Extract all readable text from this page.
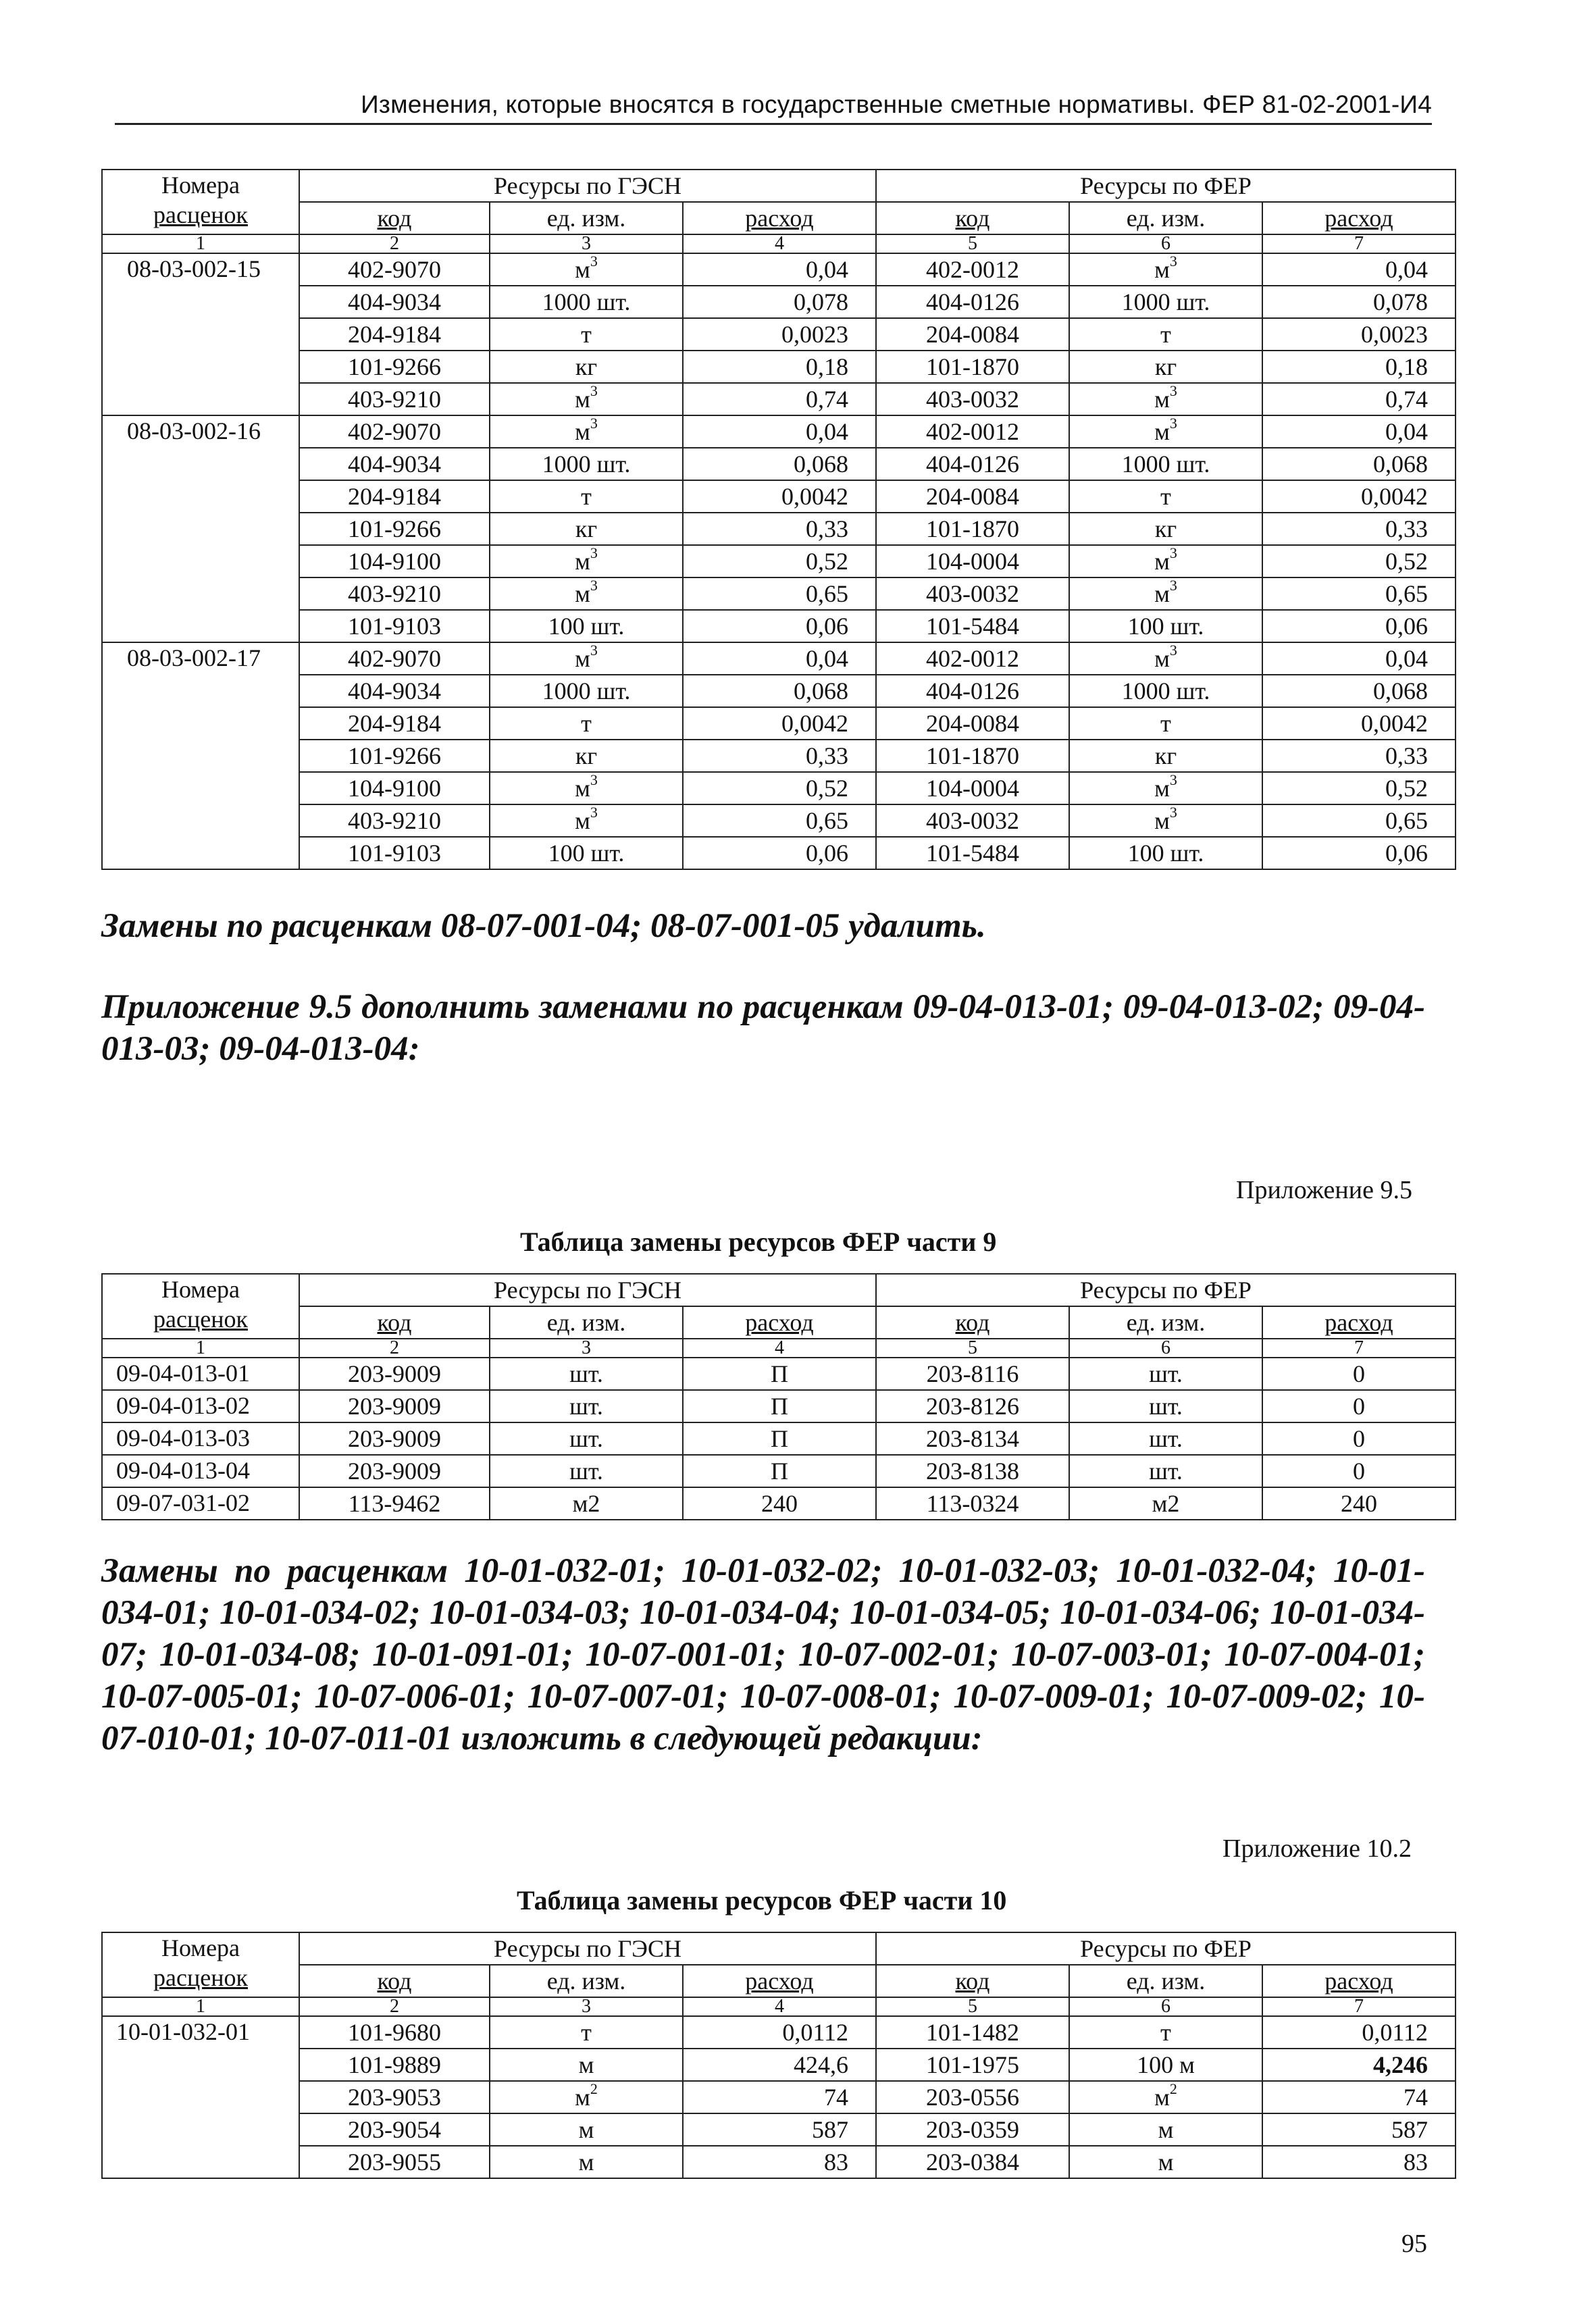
Изменения, которые вносятся в государственные сметные нормативы. ФЕР 81-02-2001-И4
Номера
расценок	Ресурсы по ГЭСН			Ресурсы по ФЕР		
	код	ед. изм.	расход	код	ед. изм.	расход
1	2	3	4	5	6	7
08-03-002-15	402-9070	$м^3$	0,04	402-0012	$м^3$	0,04
	404-9034	1000 шт.	0,078	404-0126	1000 шт.	0,078
	204-9184	т	0,0023	204-0084	т	0,0023
	101-9266	кг	0,18	101-1870	кг	0,18
	403-9210	$м^3$	0,74	403-0032	$м^3$	0,74
08-03-002-16	402-9070	$м^3$	0,04	402-0012	$м^3$	0,04
	404-9034	1000 шт.	0,068	404-0126	1000 шт.	0,068
	204-9184	т	0,0042	204-0084	т	0,0042
	101-9266	кг	0,33	101-1870	кг	0,33
	104-9100	$м^3$	0,52	104-0004	$м^3$	0,52
	403-9210	$м^3$	0,65	403-0032	$м^3$	0,65
	101-9103	100 шт.	0,06	101-5484	100 шт.	0,06
08-03-002-17	402-9070	$м^3$	0,04	402-0012	$м^3$	0,04
	404-9034	1000 шт.	0,068	404-0126	1000 шт.	0,068
	204-9184	т	0,0042	204-0084	т	0,0042
	101-9266	кг	0,33	101-1870	кг	0,33
	104-9100	$м^3$	0,52	104-0004	$м^3$	0,52
	403-9210	$м^3$	0,65	403-0032	$м^3$	0,65
	101-9103	100 шт.	0,06	101-5484	100 шт.	0,06
Замены по расценкам 08-07-001-04; 08-07-001-05 удалить.
Приложение 9.5 дополнить заменами по расценкам 09-04-013-01; 09-04-013-02; 09-04-013-03; 09-04-013-04:
Приложение 9.5
Таблица замены ресурсов ФЕР части 9
Номера
расценок	Ресурсы по ГЭСН			Ресурсы по ФЕР		
	код	ед. изм.	расход	код	ед. изм.	расход
1	2	3	4	5	6	7
09-04-013-01	203-9009	шт.	П	203-8116	шт.	0
09-04-013-02	203-9009	шт.	П	203-8126	шт.	0
09-04-013-03	203-9009	шт.	П	203-8134	шт.	0
09-04-013-04	203-9009	шт.	П	203-8138	шт.	0
09-07-031-02	113-9462	м2	240	113-0324	м2	240
Замены по расценкам 10-01-032-01; 10-01-032-02; 10-01-032-03; 10-01-032-04; 10-01-034-01; 10-01-034-02; 10-01-034-03; 10-01-034-04; 10-01-034-05; 10-01-034-06; 10-01-034-07; 10-01-034-08; 10-01-091-01; 10-07-001-01; 10-07-002-01; 10-07-003-01; 10-07-004-01; 10-07-005-01; 10-07-006-01; 10-07-007-01; 10-07-008-01; 10-07-009-01; 10-07-009-02; 10-07-010-01; 10-07-011-01 изложить в следующей редакции:
Приложение 10.2
Таблица замены ресурсов ФЕР части 10
Номера
расценок	Ресурсы по ГЭСН			Ресурсы по ФЕР		
	код	ед. изм.	расход	код	ед. изм.	расход
1	2	3	4	5	6	7
10-01-032-01	101-9680	т	0,0112	101-1482	т	0,0112
	101-9889	м	424,6	101-1975	100 м	4,246
	203-9053	$м^2$	74	203-0556	$м^2$	74
	203-9054	м	587	203-0359	м	587
	203-9055	м	83	203-0384	м	83
95
